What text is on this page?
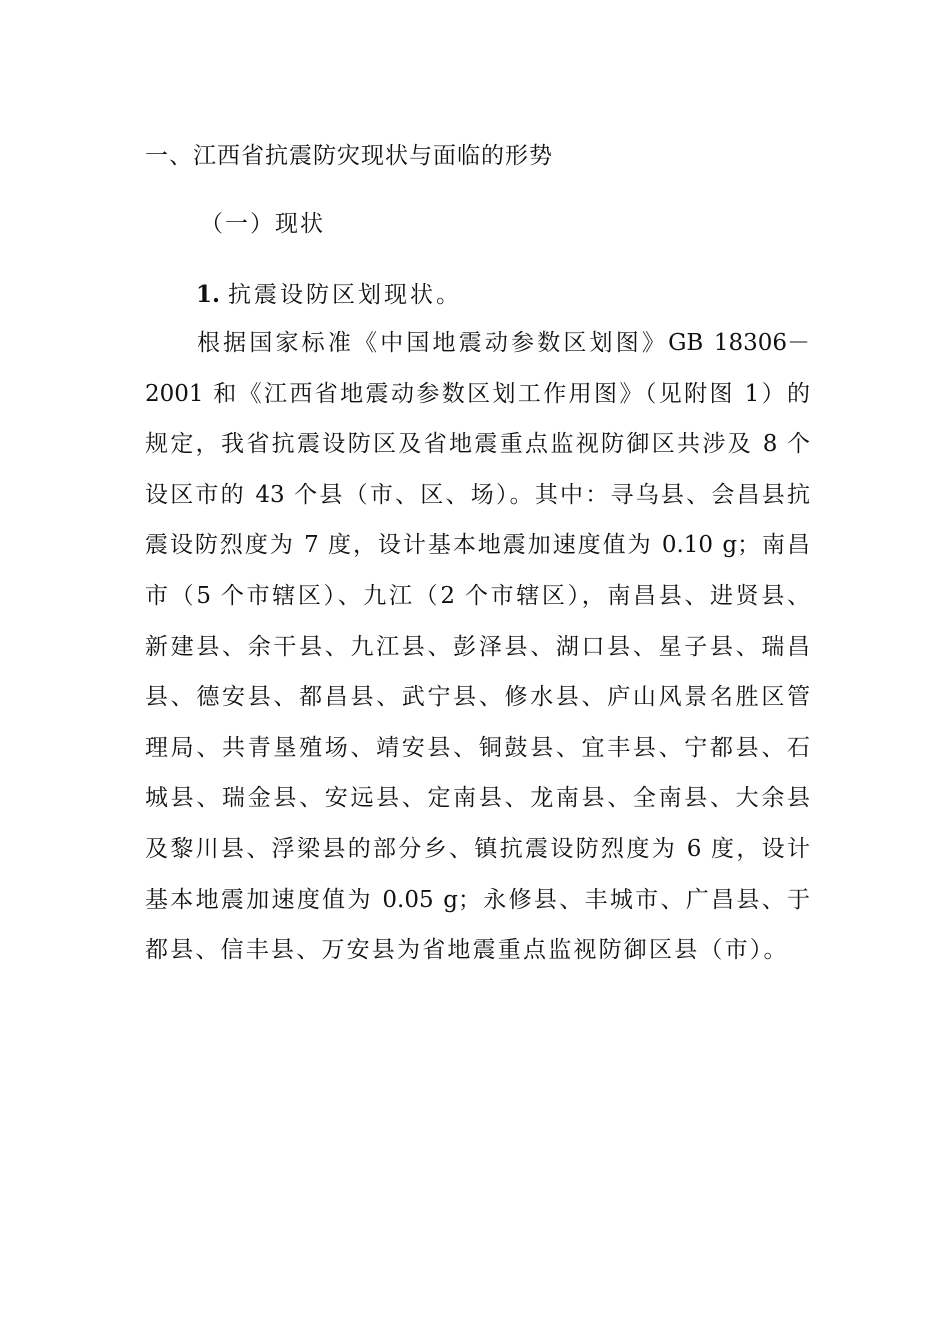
一、江西省抗震防灾现状与面临的形势
（一）现状
1. 抗震设防区划现状。
根据国家标准《中国地震动参数区划图》GB 18306－
2001 和《江西省地震动参数区划工作用图》（见附图 1）的
规定，我省抗震设防区及省地震重点监视防御区共涉及 8 个
设区市的 43 个县（市、区、场）。其中：寻乌县、会昌县抗
震设防烈度为 7 度，设计基本地震加速度值为 0.10 g；南昌
市（5 个市辖区）、九江（2 个市辖区），南昌县、进贤县、
新建县、余干县、九江县、彭泽县、湖口县、星子县、瑞昌
县、德安县、都昌县、武宁县、修水县、庐山风景名胜区管
理局、共青垦殖场、靖安县、铜鼓县、宜丰县、宁都县、石
城县、瑞金县、安远县、定南县、龙南县、全南县、大余县
及黎川县、浮梁县的部分乡、镇抗震设防烈度为 6 度，设计
基本地震加速度值为 0.05 g；永修县、丰城市、广昌县、于
都县、信丰县、万安县为省地震重点监视防御区县（市）。
